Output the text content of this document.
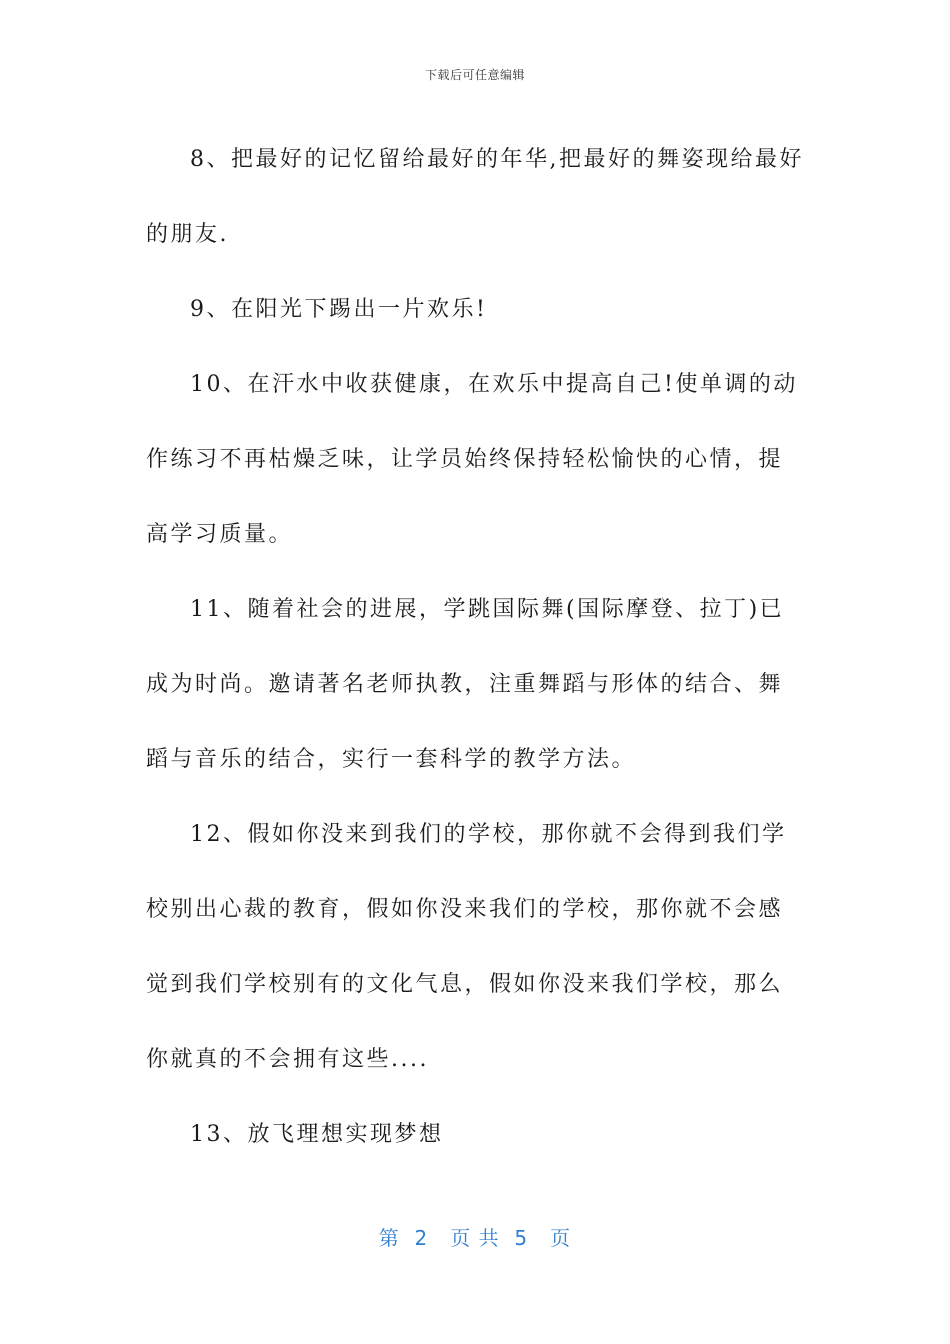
下载后可任意编辑

8、把最好的记忆留给最好的年华,把最好的舞姿现给最好的朋友.

9、在阳光下踢出一片欢乐!

10、在汗水中收获健康，在欢乐中提高自己!使单调的动作练习不再枯燥乏味，让学员始终保持轻松愉快的心情，提高学习质量。

11、随着社会的进展，学跳国际舞(国际摩登、拉丁)已成为时尚。邀请著名老师执教，注重舞蹈与形体的结合、舞蹈与音乐的结合，实行一套科学的教学方法。

12、假如你没来到我们的学校，那你就不会得到我们学校别出心裁的教育，假如你没来我们的学校，那你就不会感觉到我们学校别有的文化气息，假如你没来我们学校，那么你就真的不会拥有这些....

13、放飞理想实现梦想

第  2   页 共  5   页
